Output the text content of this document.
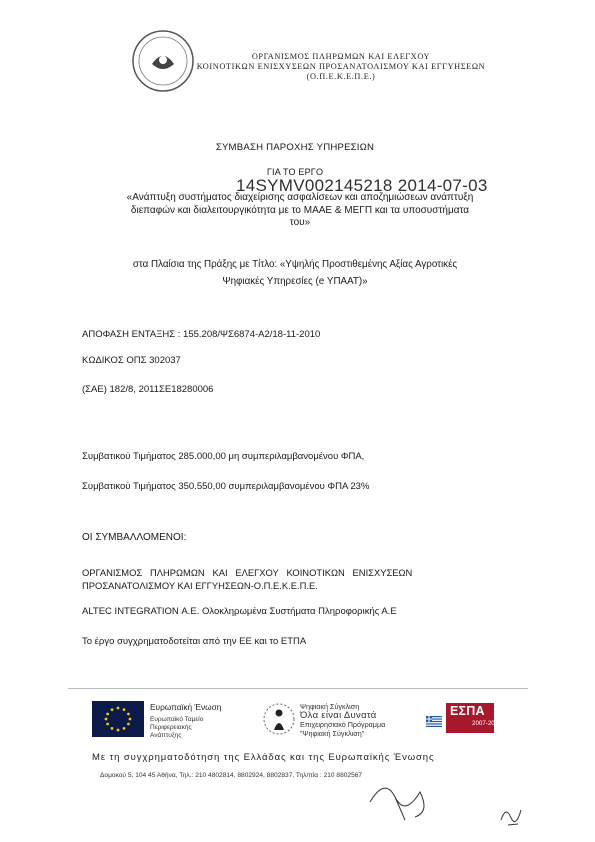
ΟΡΓΑΝΙΣΜΟΣ ΠΛΗΡΩΜΩΝ ΚΑΙ ΕΛΕΓΧΟΥ
ΚΟΙΝΟΤΙΚΩΝ ΕΝΙΣΧΥΣΕΩΝ ΠΡΟΣΑΝΑΤΟΛΙΣΜΟΥ ΚΑΙ ΕΓΓΥΗΣΕΩΝ
(Ο.Π.Ε.Κ.Ε.Π.Ε.)
ΣΥΜΒΑΣΗ ΠΑΡΟΧΗΣ ΥΠΗΡΕΣΙΩΝ
ΓΙΑ ΤΟ ΕΡΓΟ
14SYMV002145218 2014-07-03
«Ανάπτυξη συστήματος διαχείρισης ασφαλίσεων και αποζημιώσεων ανάπτυξη
διεπαφών και διαλειτουργικότητα με το ΜΑΑΕ & ΜΕΓΠ και τα υποσυστήματα
του»
στα Πλαίσια της Πράξης με Τίτλο: «Υψηλής Προστιθεμένης Αξίας Αγροτικές
Ψηφιακές Υπηρεσίες (e ΥΠΑΑΤ)»
ΑΠΟΦΑΣΗ ΕΝΤΑΞΗΣ : 155.208/ΨΣ6874-Α2/18-11-2010
ΚΩΔΙΚΟΣ ΟΠΣ 302037
(ΣΑΕ) 182/8, 2011ΣΕ18280006
Συμβατικού Τιμήματος 285.000,00 μη συμπεριλαμβανομένου ΦΠΑ,
Συμβατικού Τιμήματος 350.550,00 συμπεριλαμβανομένου ΦΠΑ 23%
ΟΙ ΣΥΜΒΑΛΛΟΜΕΝΟΙ:
ΟΡΓΑΝΙΣΜΟΣ   ΠΛΗΡΩΜΩΝ   ΚΑΙ   ΕΛΕΓΧΟΥ   ΚΟΙΝΟΤΙΚΩΝ   ΕΝΙΣΧΥΣΕΩΝ
ΠΡΟΣΑΝΑΤΟΛΙΣΜΟΥ ΚΑΙ ΕΓΓΥΗΣΕΩΝ-Ο.Π.Ε.Κ.Ε.Π.Ε.
ALTEC INTEGRATION Α.Ε. Ολοκληρωμένα Συστήματα Πληροφορικής Α.Ε
Το έργο συγχρηματοδοτείται από την ΕΕ και το ΕΤΠΑ
Ευρωπαϊκή Ένωση
Ευρωπαϊκό Ταμείο
Περιφερειακής
Ανάπτυξης
Ψηφιακή Σύγκλιση
Όλα είναι Δυνατά
Επιχειρησιακό Πρόγραμμα
"Ψηφιακή Σύγκλιση"
ΕΣΠΑ
2007-2013
Με τη συγχρηματοδότηση της Ελλάδας και της Ευρωπαϊκής Ένωσης
Δομοκού 5, 104 45 Αθήνα, Τηλ.: 210 4802814, 8802924, 8802837, Τηλ/πία : 210 8802567
